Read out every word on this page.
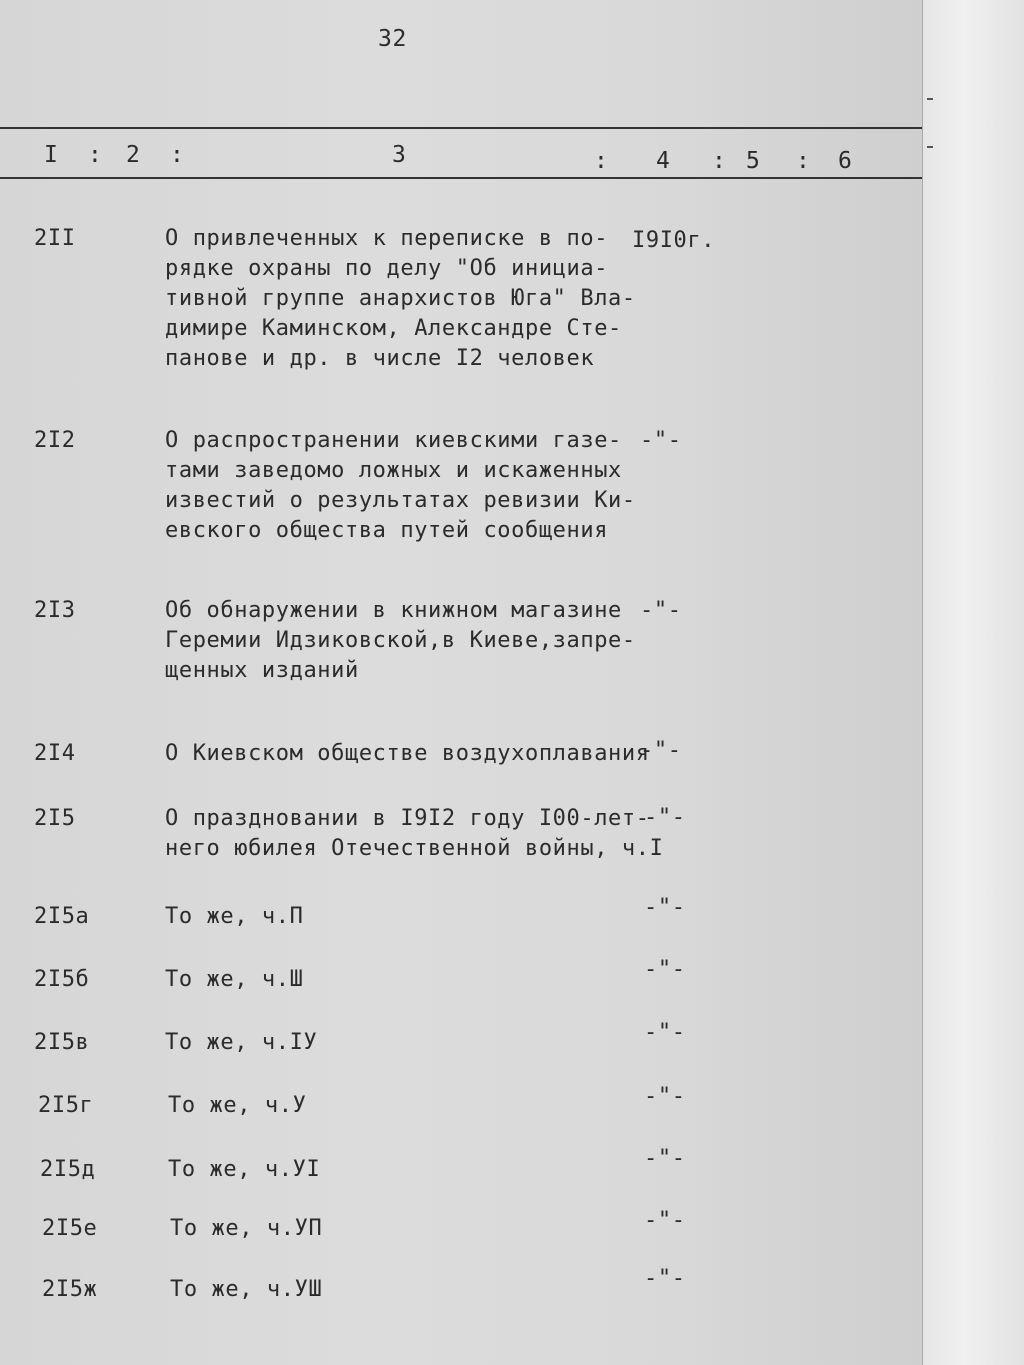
32
I : 2 :	3	: 4 : 5 : 6
2II	О привлеченных к переписке в по-
рядке охраны по делу "Об инициа-
тивной группе анархистов Юга" Вла-
димире Каминском, Александре Сте-
панове и др. в числе I2 человек
I9I0г.
2I2	О распространении киевскими газе-
тами заведомо ложных и искаженных
известий о результатах ревизии Ки-
евского общества путей сообщения
-"-
2I3	Об обнаружении в книжном магазине
Геремии Идзиковской,в Киеве,запре-
щенных изданий
-"-
2I4	О Киевском обществе воздухоплавания
-"-
2I5	О праздновании в I9I2 году I00-лет-
него юбилея Отечественной войны, ч.I
-"-
2I5а	То же, ч.П	-"-
2I5б	То же, ч.Ш	-"-
2I5в	То же, ч.IУ	-"-
2I5г	То же, ч.У	-"-
2I5д	То же, ч.УI	-"-
2I5е	То же, ч.УП	-"-
2I5ж	То же, ч.УШ	-"-
